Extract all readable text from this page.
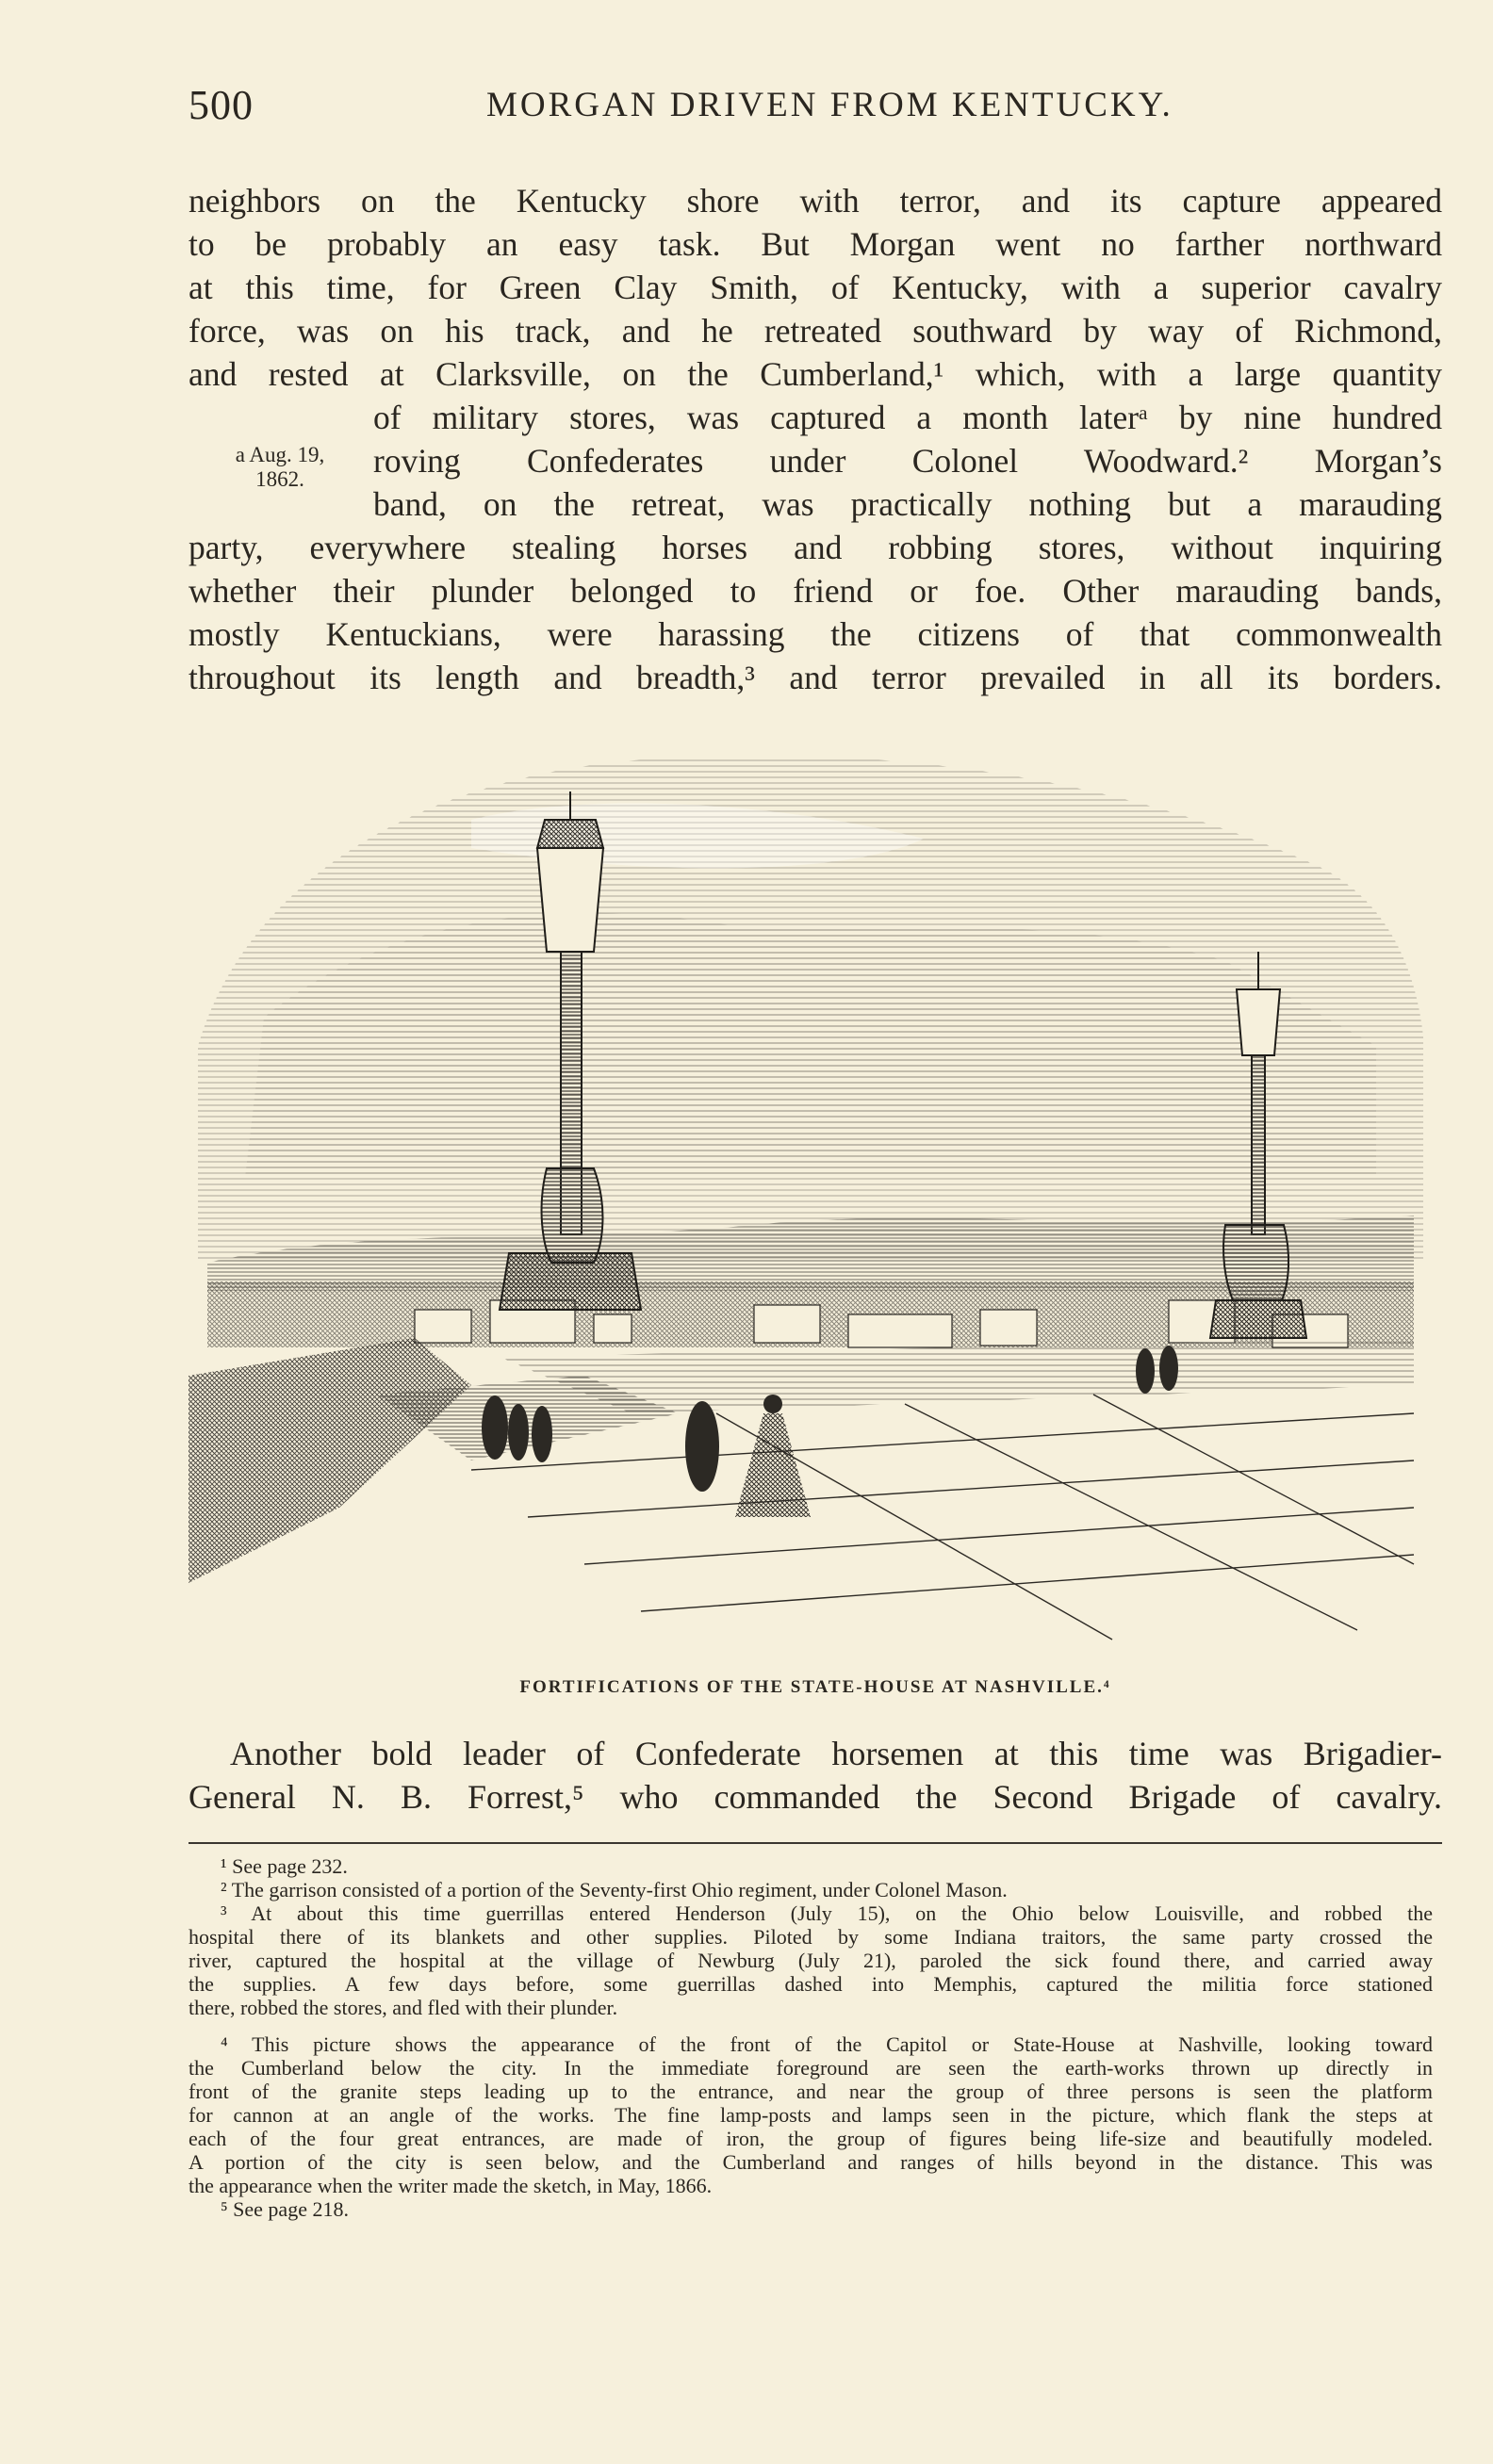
500	MORGAN DRIVEN FROM KENTUCKY.
neighbors on the Kentucky shore with terror, and its capture appeared
to be probably an easy task. But Morgan went no farther northward
at this time, for Green Clay Smith, of Kentucky, with a superior cavalry
force, was on his track, and he retreated southward by way of Richmond,
and rested at Clarksville, on the Cumberland,¹ which, with a large quantity
of military stores, was captured a month laterᵃ by nine hundred
roving Confederates under Colonel Woodward.² Morgan’s
band, on the retreat, was practically nothing but a marauding
party, everywhere stealing horses and robbing stores, without inquiring
whether their plunder belonged to friend or foe. Other marauding bands,
mostly Kentuckians, were harassing the citizens of that commonwealth
throughout its length and breadth,³ and terror prevailed in all its borders.
a Aug. 19,
1862.
FORTIFICATIONS OF THE STATE-HOUSE AT NASHVILLE.⁴
Another bold leader of Confederate horsemen at this time was Brigadier-
General N. B. Forrest,⁵ who commanded the Second Brigade of cavalry.
¹ See page 232.
² The garrison consisted of a portion of the Seventy-first Ohio regiment, under Colonel Mason.
³ At about this time guerrillas entered Henderson (July 15), on the Ohio below Louisville, and robbed the
hospital there of its blankets and other supplies. Piloted by some Indiana traitors, the same party crossed the
river, captured the hospital at the village of Newburg (July 21), paroled the sick found there, and carried away
the supplies. A few days before, some guerrillas dashed into Memphis, captured the militia force stationed
there, robbed the stores, and fled with their plunder.
⁴ This picture shows the appearance of the front of the Capitol or State-House at Nashville, looking toward
the Cumberland below the city. In the immediate foreground are seen the earth-works thrown up directly in
front of the granite steps leading up to the entrance, and near the group of three persons is seen the platform
for cannon at an angle of the works. The fine lamp-posts and lamps seen in the picture, which flank the steps at
each of the four great entrances, are made of iron, the group of figures being life-size and beautifully modeled.
A portion of the city is seen below, and the Cumberland and ranges of hills beyond in the distance. This was
the appearance when the writer made the sketch, in May, 1866.
⁵ See page 218.
